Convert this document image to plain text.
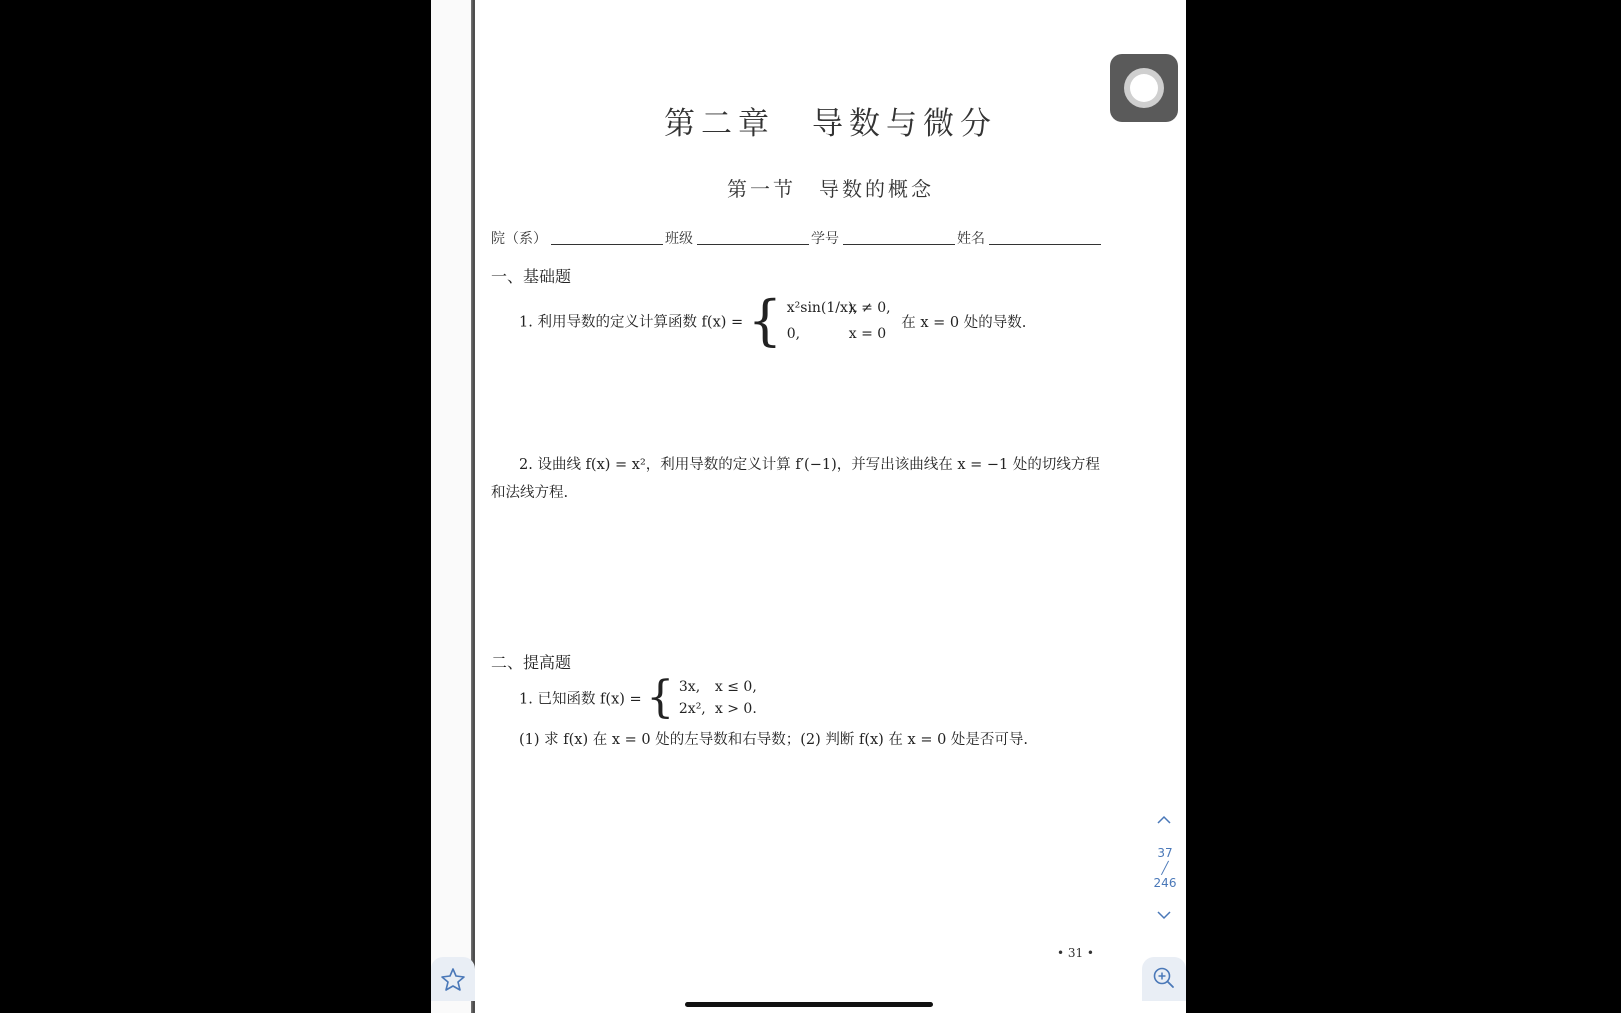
第二章　导数与微分
第一节　导数的概念
院（系）	班级	学号	姓名
一、基础题
1. 利用导数的定义计算函数 f(x) = { x²sin(1/x),
x ≠ 0,
0,	x = 0
在 x = 0 处的导数.
2. 设曲线 f(x) = x²，利用导数的定义计算 f′(−1)，并写出该曲线在 x = −1 处的切线方程
和法线方程.
二、提高题
1. 已知函数 f(x) = { 3x,	x ≤ 0,
2x², x > 0.
(1) 求 f(x) 在 x = 0 处的左导数和右导数；(2) 判断 f(x) 在 x = 0 处是否可导.
• 31 •
37
╱
246
